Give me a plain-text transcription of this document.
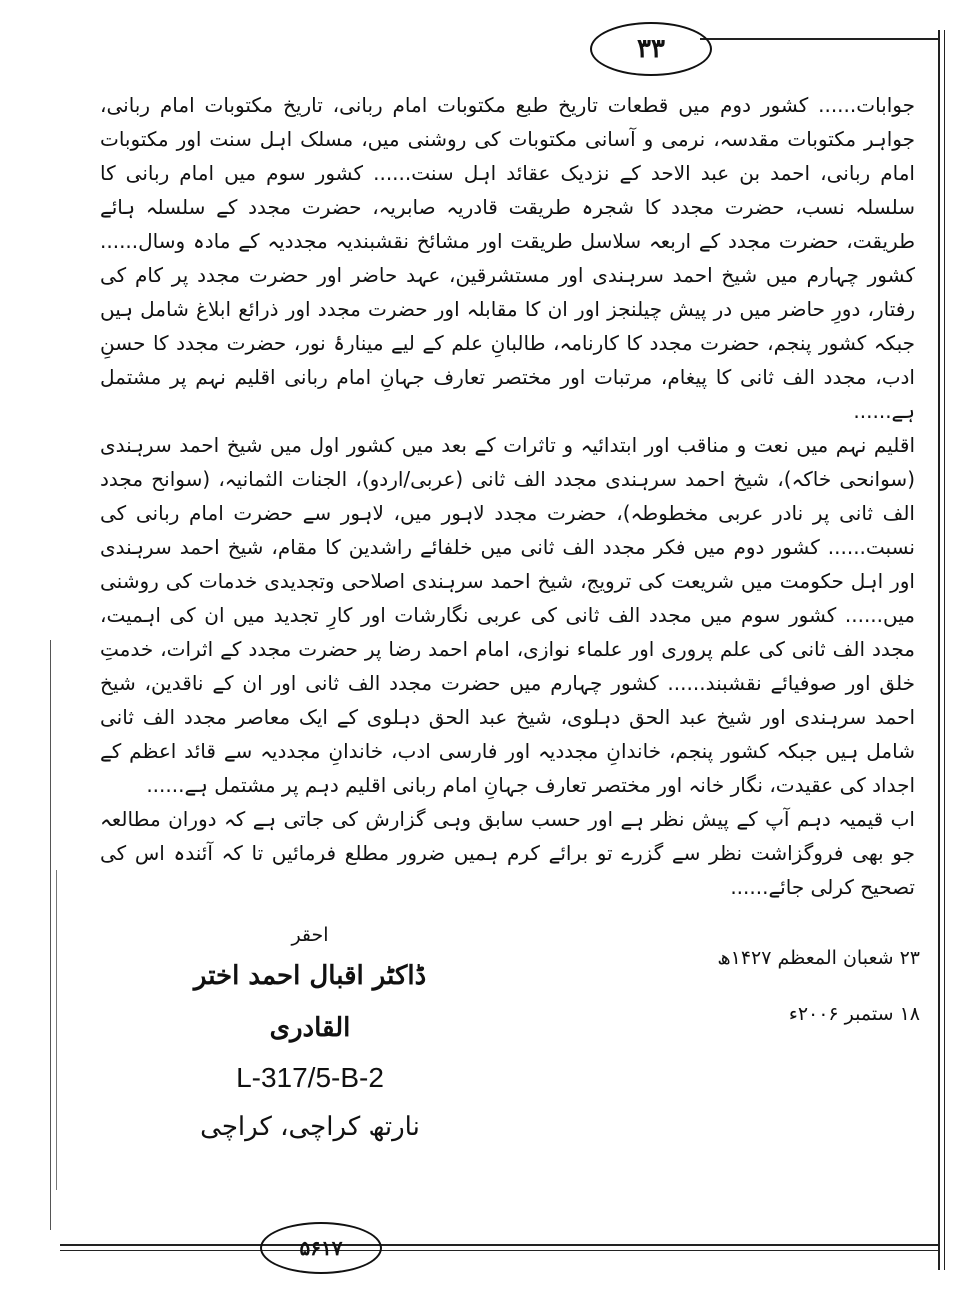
۳۳

جوابات...... کشور دوم میں قطعات تاریخ طبع مکتوبات امام ربانی، تاریخ مکتوبات امام ربانی، جواہر مکتوبات مقدسہ، نرمی و آسانی مکتوبات کی روشنی میں، مسلک اہل سنت اور مکتوبات امام ربانی، احمد بن عبد الاحد کے نزدیک عقائد اہل سنت...... کشور سوم میں امام ربانی کا سلسلہ نسب، حضرت مجدد کا شجرہ طریقت قادریہ صابریہ، حضرت مجدد کے سلسلہ ہائے طریقت، حضرت مجدد کے اربعہ سلاسل طریقت اور مشائخ نقشبندیہ مجددیہ کے مادہ وسال...... کشور چہارم میں شیخ احمد سرہندی اور مستشرقین، عہد حاضر اور حضرت مجدد پر کام کی رفتار، دورِ حاضر میں در پیش چیلنجز اور ان کا مقابلہ اور حضرت مجدد اور ذرائع ابلاغ شامل ہیں جبکہ کشور پنجم، حضرت مجدد کا کارنامہ، طالبانِ علم کے لیے مینارۂ نور، حضرت مجدد کا حسنِ ادب، مجدد الف ثانی کا پیغام، مرتبات اور مختصر تعارف جہانِ امام ربانی اقلیم نہم پر مشتمل ہے......

اقلیم نہم میں نعت و مناقب اور ابتدائیہ و تاثرات کے بعد میں کشور اول میں شیخ احمد سرہندی (سوانحی خاکہ)، شیخ احمد سرہندی مجدد الف ثانی (عربی/اردو)، الجنات الثمانیہ، (سوانح مجدد الف ثانی پر نادر عربی مخطوطہ)، حضرت مجدد لاہور میں، لاہور سے حضرت امام ربانی کی نسبت...... کشور دوم میں فکر مجدد الف ثانی میں خلفائے راشدین کا مقام، شیخ احمد سرہندی اور اہل حکومت میں شریعت کی ترویج، شیخ احمد سرہندی اصلاحی وتجدیدی خدمات کی روشنی میں...... کشور سوم میں مجدد الف ثانی کی عربی نگارشات اور کارِ تجدید میں ان کی اہمیت، مجدد الف ثانی کی علم پروری اور علماء نوازی، امام احمد رضا پر حضرت مجدد کے اثرات، خدمتِ خلق اور صوفیائے نقشبند...... کشور چہارم میں حضرت مجدد الف ثانی اور ان کے ناقدین، شیخ احمد سرہندی اور شیخ عبد الحق دہلوی، شیخ عبد الحق دہلوی کے ایک معاصر مجدد الف ثانی شامل ہیں جبکہ کشور پنجم، خاندانِ مجددیہ اور فارسی ادب، خاندانِ مجددیہ سے قائد اعظم کے اجداد کی عقیدت، نگار خانہ اور مختصر تعارف جہانِ امام ربانی اقلیم دہم پر مشتمل ہے......

اب قیمیہ دہم آپ کے پیش نظر ہے اور حسب سابق وہی گزارش کی جاتی ہے کہ دوران مطالعہ جو بھی فروگزاشت نظر سے گزرے تو برائے کرم ہمیں ضرور مطلع فرمائیں تا کہ آئندہ اس کی تصحیح کرلی جائے......

۲۳ شعبان المعظم ۱۴۲۷ھ
۱۸ ستمبر ۲۰۰۶ء
احقر
ڈاکٹر اقبال احمد اختر القادری
L-317/5-B-2
نارتھ کراچی، کراچی
۵۶۱۷
